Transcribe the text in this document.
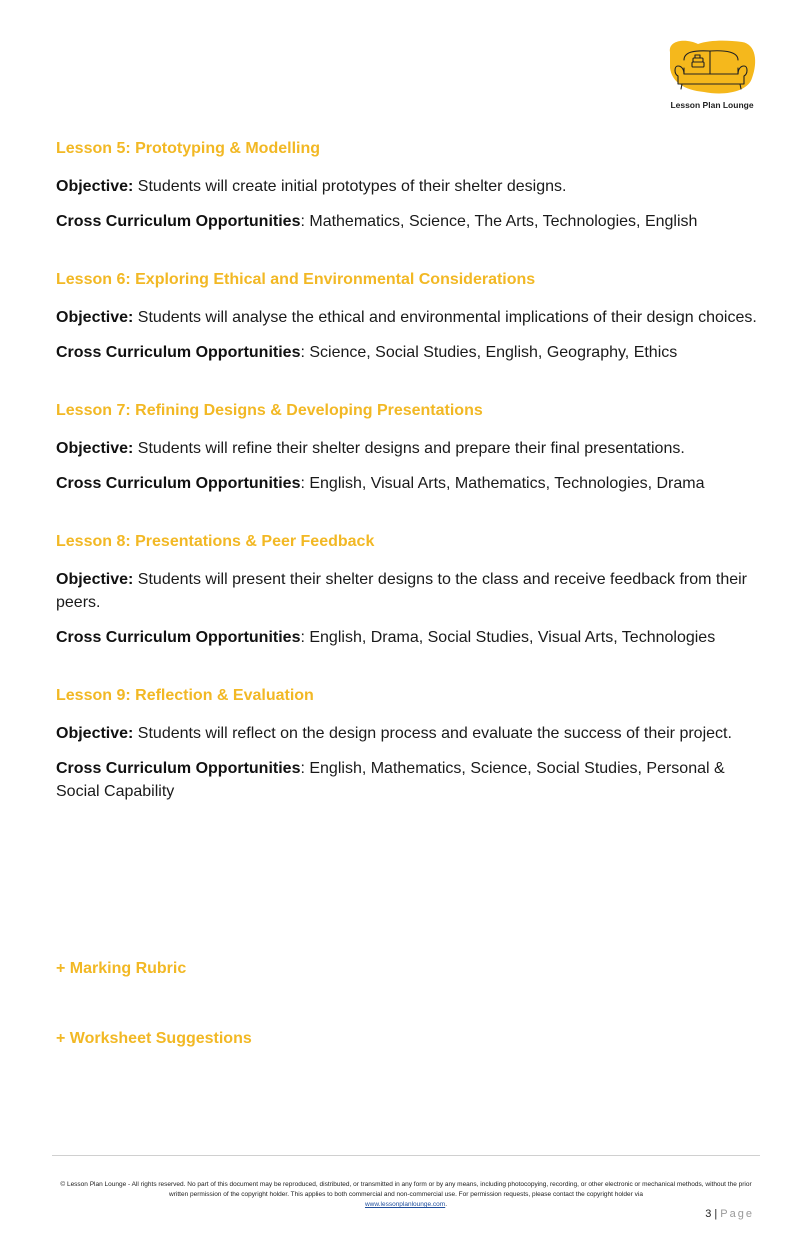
Lesson Plan Lounge
Lesson 5: Prototyping & Modelling

Objective: Students will create initial prototypes of their shelter designs.

Cross Curriculum Opportunities: Mathematics, Science, The Arts, Technologies, English

Lesson 6: Exploring Ethical and Environmental Considerations

Objective: Students will analyse the ethical and environmental implications of their design choices.

Cross Curriculum Opportunities: Science, Social Studies, English, Geography, Ethics

Lesson 7: Refining Designs & Developing Presentations

Objective: Students will refine their shelter designs and prepare their final presentations.

Cross Curriculum Opportunities: English, Visual Arts, Mathematics, Technologies, Drama

Lesson 8: Presentations & Peer Feedback

Objective: Students will present their shelter designs to the class and receive feedback from their peers.

Cross Curriculum Opportunities: English, Drama, Social Studies, Visual Arts, Technologies

Lesson 9: Reflection & Evaluation

Objective: Students will reflect on the design process and evaluate the success of their project.

Cross Curriculum Opportunities: English, Mathematics, Science, Social Studies, Personal & Social Capability

+ Marking Rubric
+ Worksheet Suggestions
© Lesson Plan Lounge - All rights reserved. No part of this document may be reproduced, distributed, or transmitted in any form or by any means, including photocopying, recording, or other electronic or mechanical methods, without the prior written permission of the copyright holder. This applies to both commercial and non-commercial use. For permission requests, please contact the copyright holder via
www.lessonplanlounge.com.
3 | Page
